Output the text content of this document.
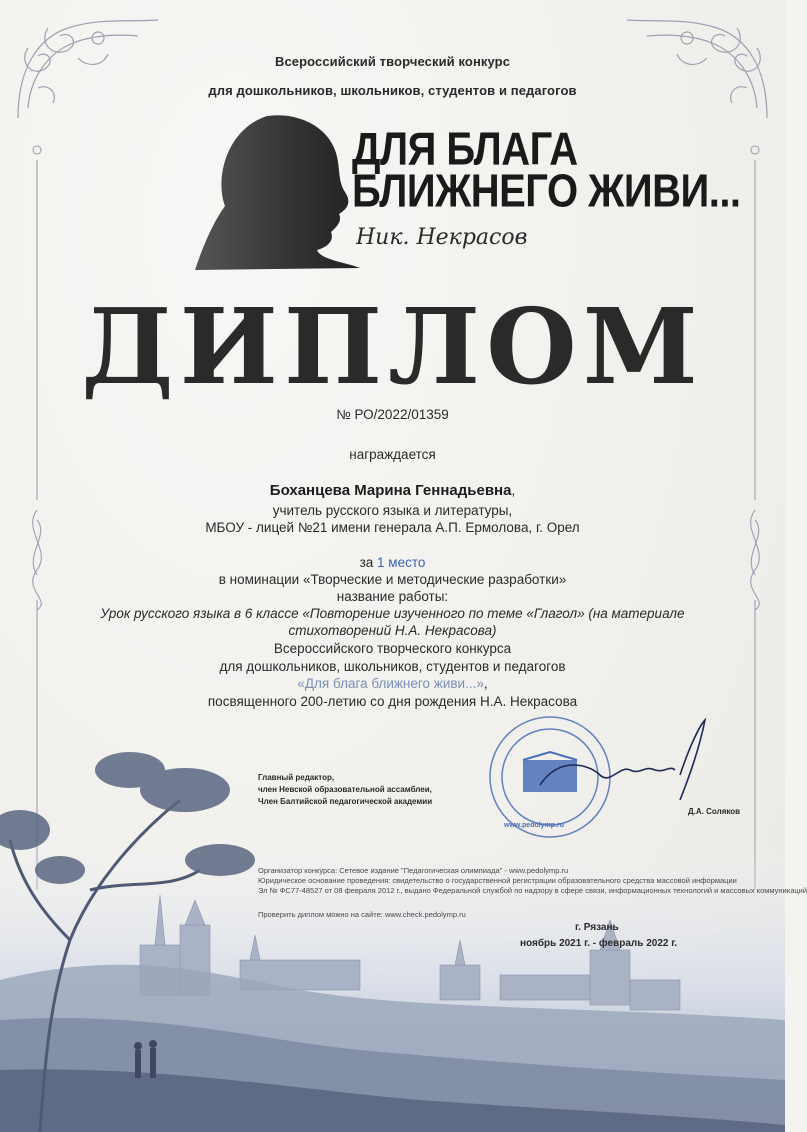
Всероссийский творческий конкурс
для дошкольников, школьников, студентов и педагогов
ДЛЯ БЛАГА
БЛИЖНЕГО ЖИВИ...
Ник. Некрасов
ДИПЛОМ
№ РО/2022/01359
награждается
Боханцева Марина Геннадьевна,
учитель русского языка и литературы,
МБОУ - лицей №21 имени генерала А.П. Ермолова, г. Орел
за 1 место
в номинации «Творческие и методические разработки»
название работы:
Урок русского языка в 6 классе «Повторение изученного по теме «Глагол» (на материале
стихотворений Н.А. Некрасова)
Всероссийского творческого конкурса
для дошкольников, школьников, студентов и педагогов
«Для блага ближнего живи...»,
посвященного 200-летию со дня рождения Н.А. Некрасова
Главный редактор,
член Невской образовательной ассамблеи,
Член Балтийской педагогической академии
www.pedolymp.ru
Д.А. Соляков
Организатор конкурса: Сетевое издание "Педагогическая олимпиада" - www.pedolymp.ru
Юридическое основание проведения: свидетельство о государственной регистрации образовательного средства массовой информации
Эл № ФС77-48527 от 08 февраля 2012 г., выдано Федеральной службой по надзору в сфере связи, информационных технологий и массовых коммуникаций
Проверить диплом можно на сайте: www.check.pedolymp.ru
г. Рязань
ноябрь 2021 г. - февраль 2022 г.
